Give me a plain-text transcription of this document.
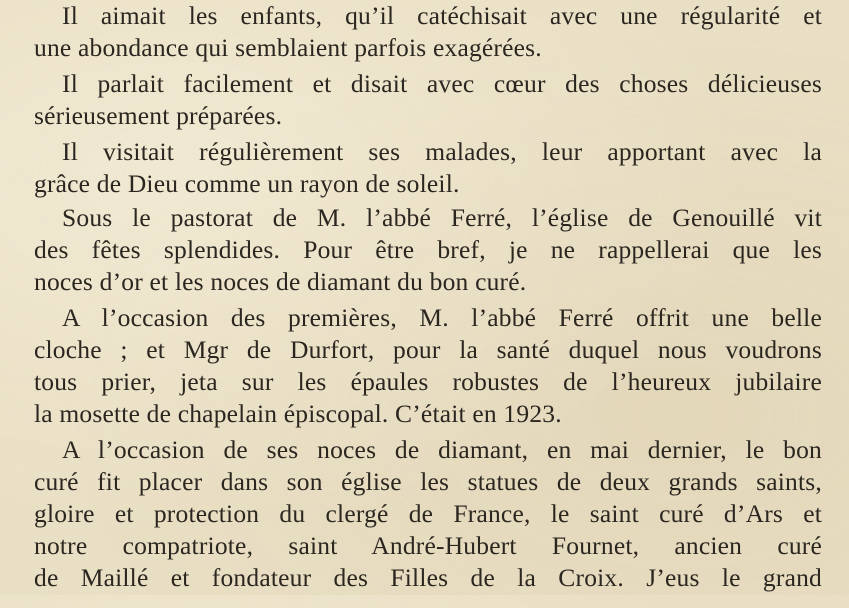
Il aimait les enfants, qu’il catéchisait avec une régularité et
une abondance qui semblaient parfois exagérées.
Il parlait facilement et disait avec cœur des choses délicieuses
sérieusement préparées.
Il visitait régulièrement ses malades, leur apportant avec la
grâce de Dieu comme un rayon de soleil.
Sous le pastorat de M. l’abbé Ferré, l’église de Genouillé vit
des fêtes splendides. Pour être bref, je ne rappellerai que les
noces d’or et les noces de diamant du bon curé.
A l’occasion des premières, M. l’abbé Ferré offrit une belle
cloche ; et Mgr de Durfort, pour la santé duquel nous voudrons
tous prier, jeta sur les épaules robustes de l’heureux jubilaire
la mosette de chapelain épiscopal. C’était en 1923.
A l’occasion de ses noces de diamant, en mai dernier, le bon
curé fit placer dans son église les statues de deux grands saints,
gloire et protection du clergé de France, le saint curé d’Ars et
notre compatriote, saint André-Hubert Fournet, ancien curé
de Maillé et fondateur des Filles de la Croix. J’eus le grand
